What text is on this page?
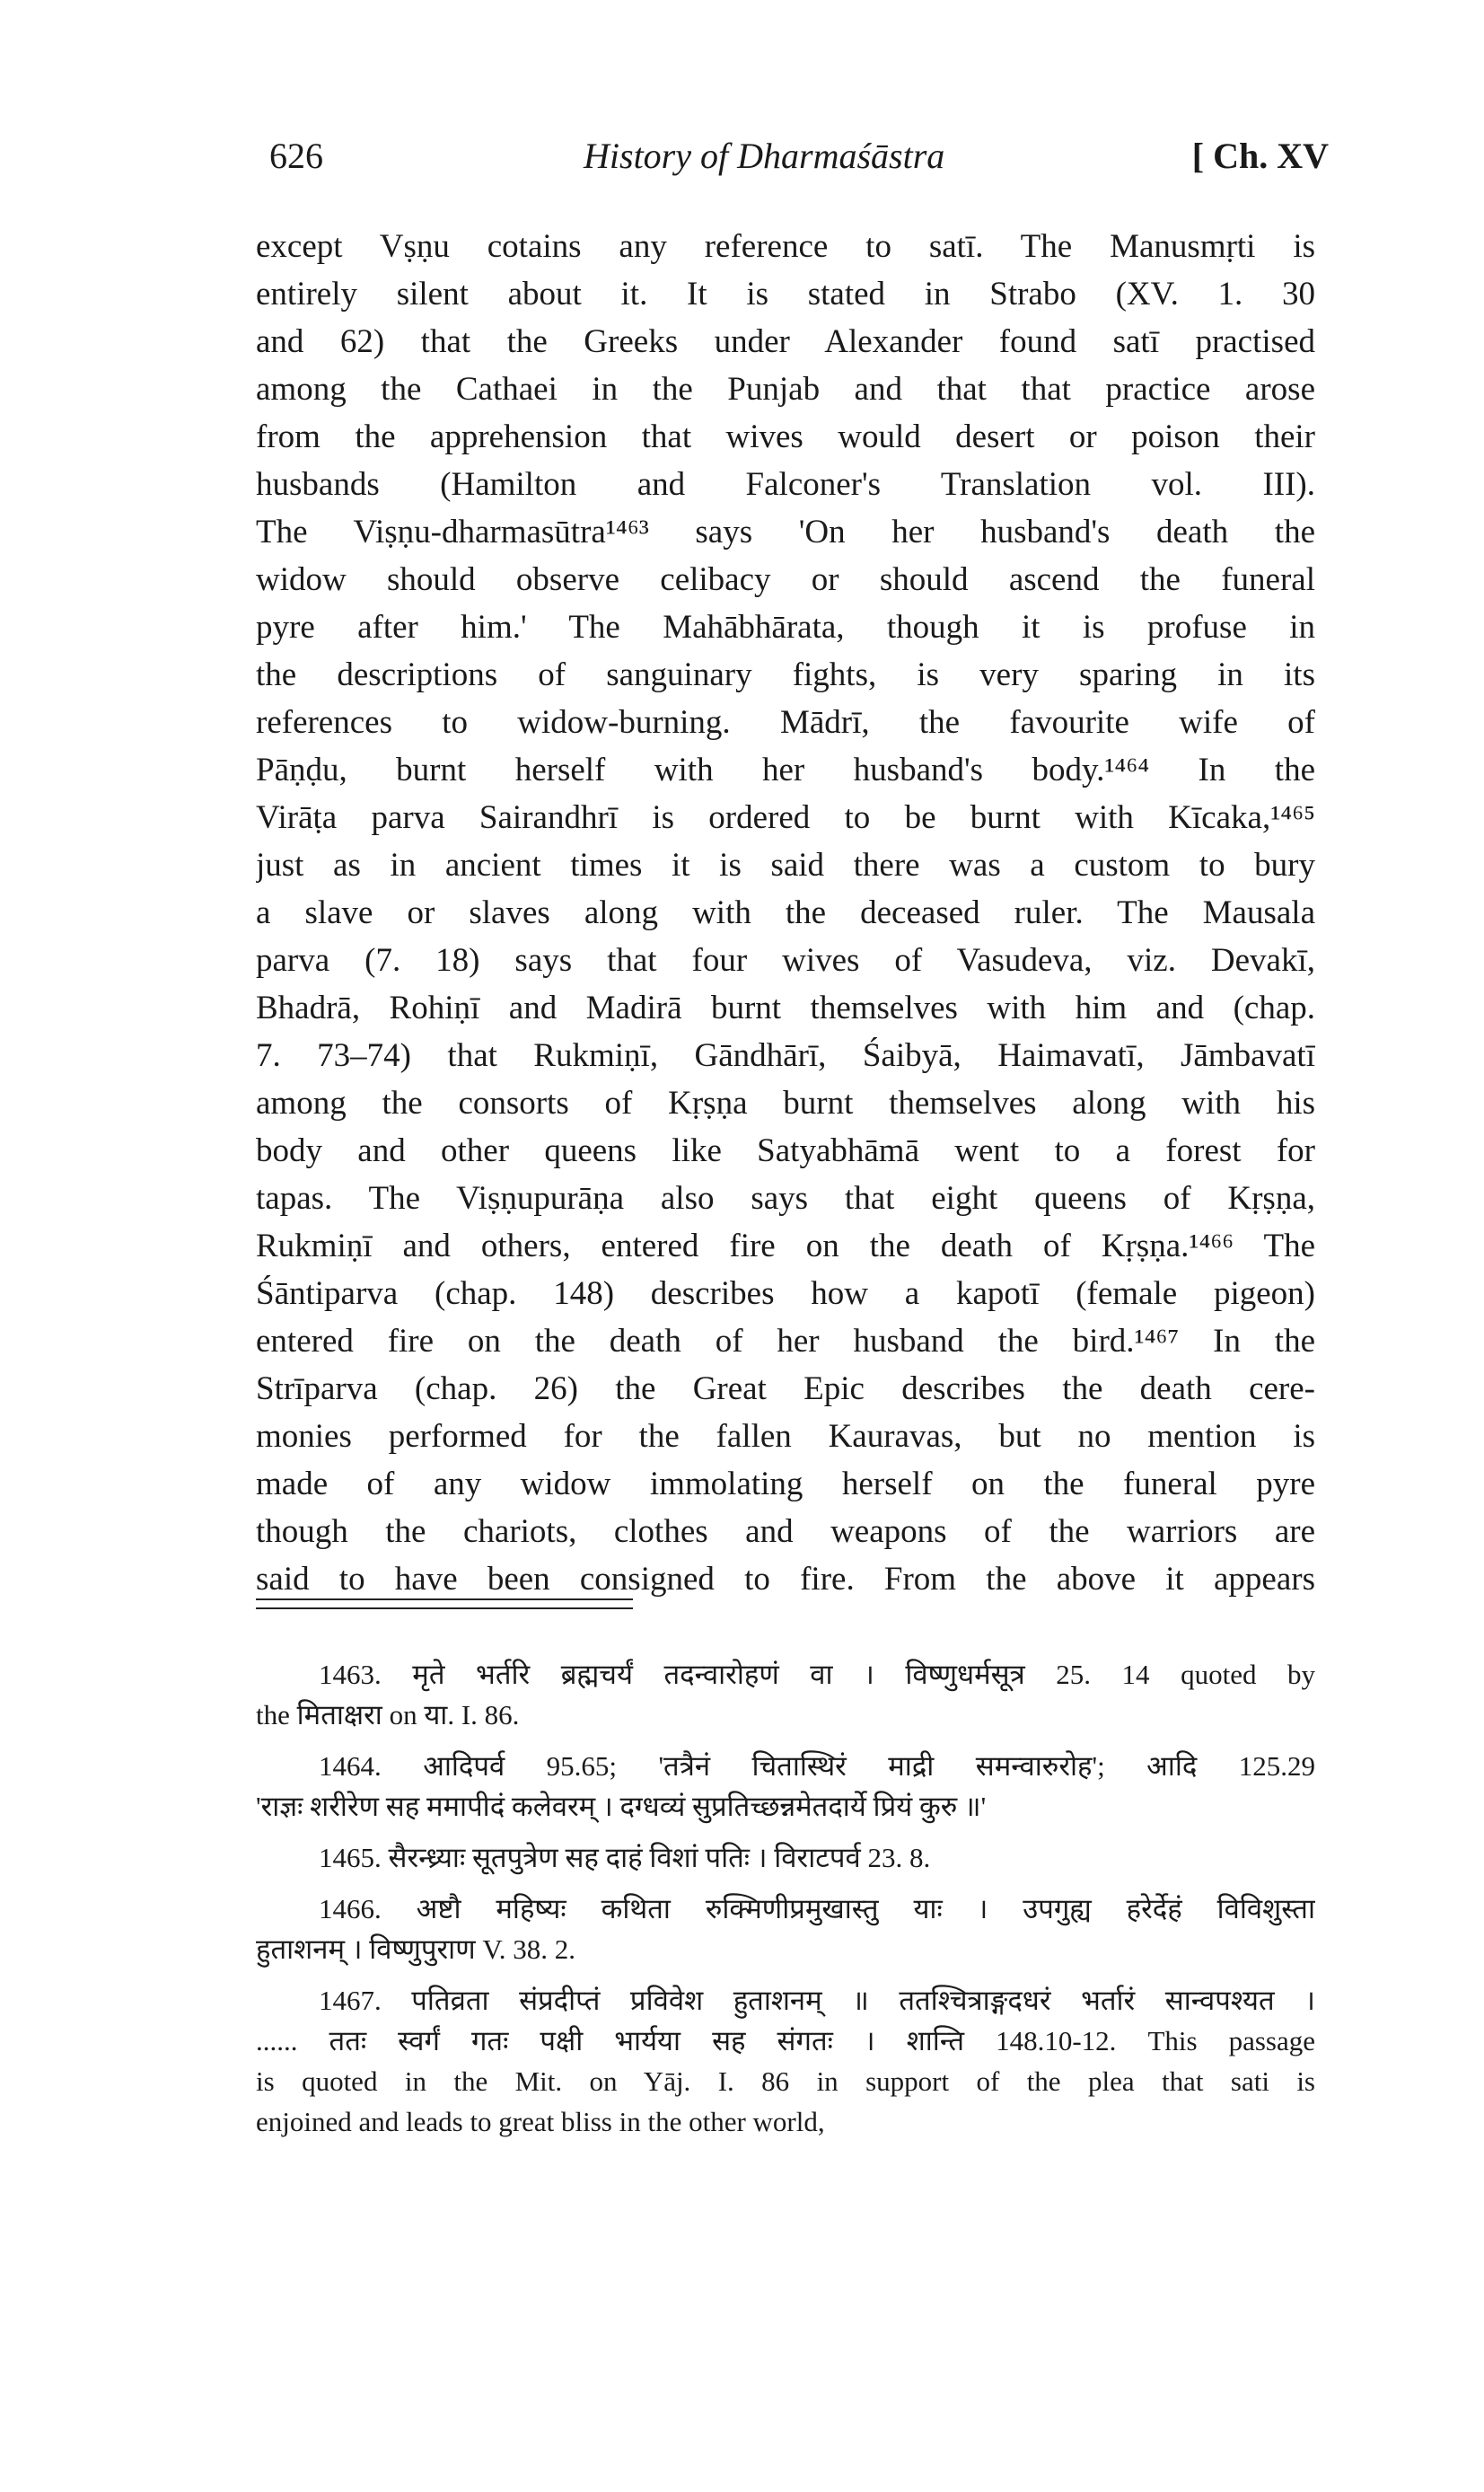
626	History of Dharmaśāstra	[ Ch. XV
except Vṣṇu cotains any reference to satī. The Manusmṛti is
entirely silent about it. It is stated in Strabo (XV. 1. 30
and 62) that the Greeks under Alexander found satī practised
among the Cathaei in the Punjab and that that practice arose
from the apprehension that wives would desert or poison their
husbands (Hamilton and Falconer's Translation vol. III).
The Viṣṇu-dharmasūtra¹⁴⁶³ says 'On her husband's death the
widow should observe celibacy or should ascend the funeral
pyre after him.' The Mahābhārata, though it is profuse in
the descriptions of sanguinary fights, is very sparing in its
references to widow-burning. Mādrī, the favourite wife of
Pāṇḍu, burnt herself with her husband's body.¹⁴⁶⁴ In the
Virāṭa parva Sairandhrī is ordered to be burnt with Kīcaka,¹⁴⁶⁵
just as in ancient times it is said there was a custom to bury
a slave or slaves along with the deceased ruler. The Mausala
parva (7. 18) says that four wives of Vasudeva, viz. Devakī,
Bhadrā, Rohiṇī and Madirā burnt themselves with him and (chap.
7. 73–74) that Rukmiṇī, Gāndhārī, Śaibyā, Haimavatī, Jāmbavatī
among the consorts of Kṛṣṇa burnt themselves along with his
body and other queens like Satyabhāmā went to a forest for
tapas. The Viṣṇupurāṇa also says that eight queens of Kṛṣṇa,
Rukmiṇī and others, entered fire on the death of Kṛṣṇa.¹⁴⁶⁶ The
Śāntiparva (chap. 148) describes how a kapotī (female pigeon)
entered fire on the death of her husband the bird.¹⁴⁶⁷ In the
Strīparva (chap. 26) the Great Epic describes the death cere-
monies performed for the fallen Kauravas, but no mention is
made of any widow immolating herself on the funeral pyre
though the chariots, clothes and weapons of the warriors are
said to have been consigned to fire. From the above it appears
1463. मृते भर्तरि ब्रह्मचर्यं तदन्वारोहणं वा । विष्णुधर्मसूत्र 25. 14 quoted by
the मिताक्षरा on या. I. 86.
1464. आदिपर्व 95.65; 'तत्रैनं चितास्थिरं माद्री समन्वारुरोह'; आदि 125.29
'राज्ञः शरीरेण सह ममापीदं कलेवरम् । दग्धव्यं सुप्रतिच्छन्नमेतदार्ये प्रियं कुरु ॥'
1465. सैरन्ध्र्याः सूतपुत्रेण सह दाहं विशां पतिः । विराटपर्व 23. 8.
1466. अष्टौ महिष्यः कथिता रुक्मिणीप्रमुखास्तु याः । उपगुह्य हरेर्देहं विविशुस्ता
हुताशनम् । विष्णुपुराण V. 38. 2.
1467. पतिव्रता संप्रदीप्तं प्रविवेश हुताशनम् ॥ ततश्चित्राङ्गदधरं भर्तारं सान्वपश्यत ।
...... ततः स्वर्गं गतः पक्षी भार्यया सह संगतः । शान्ति 148.10-12. This passage
is quoted in the Mit. on Yāj. I. 86 in support of the plea that sati is
enjoined and leads to great bliss in the other world,
